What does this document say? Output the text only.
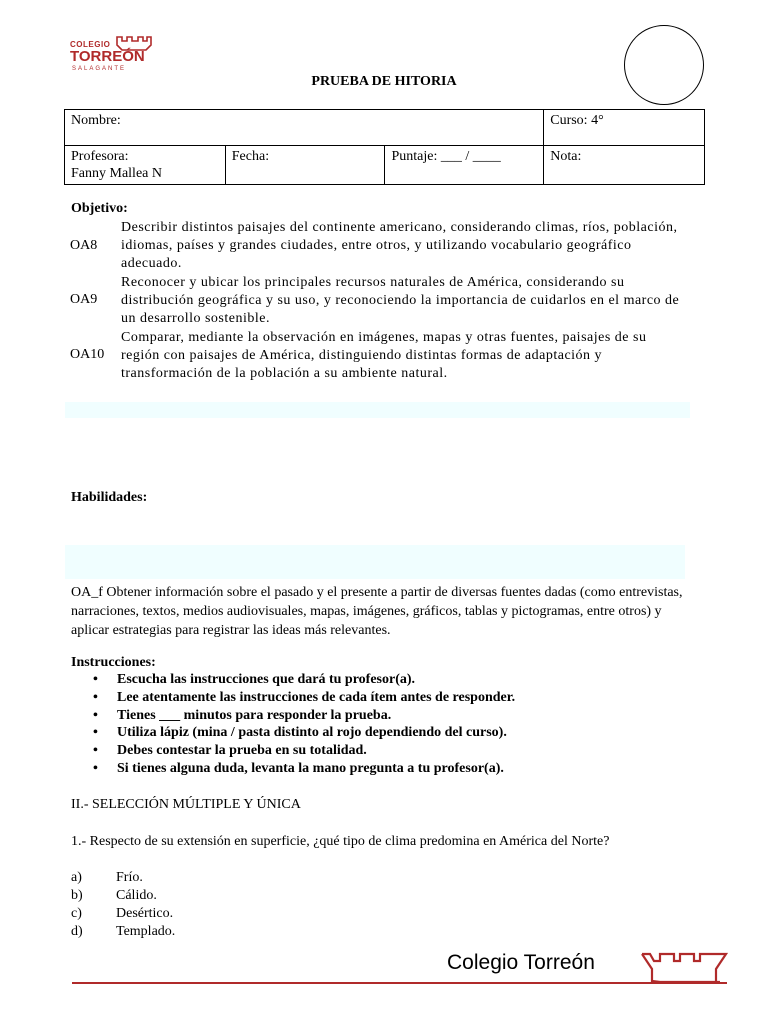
COLEGIO
TORREÓN
SALAGANTE
PRUEBA DE HITORIA
Nombre:			Curso: 4°

Profesora:
Fanny Mallea N	Fecha:	Puntaje: ___ / ____	Nota:
Objetivo:
OA8
Describir distintos paisajes del continente americano, considerando climas, ríos, población, idiomas, países y grandes ciudades, entre otros, y utilizando vocabulario geográfico adecuado.
OA9
Reconocer y ubicar los principales recursos naturales de América, considerando su distribución geográfica y su uso, y reconociendo la importancia de cuidarlos en el marco de un desarrollo sostenible.
OA10
Comparar, mediante la observación en imágenes, mapas y otras fuentes, paisajes de su región con paisajes de América, distinguiendo distintas formas de adaptación y transformación de la población a su ambiente natural.
Habilidades:
OA_f Obtener información sobre el pasado y el presente a partir de diversas fuentes dadas (como entrevistas, narraciones, textos, medios audiovisuales, mapas, imágenes, gráficos, tablas y pictogramas, entre otros) y aplicar estrategias para registrar las ideas más relevantes.
Instrucciones:
• Escucha las instrucciones que dará tu profesor(a).
• Lee atentamente las instrucciones de cada ítem antes de responder.
• Tienes ___ minutos para responder la prueba.
• Utiliza lápiz (mina / pasta distinto al rojo dependiendo del curso).
• Debes contestar la prueba en su totalidad.
• Si tienes alguna duda, levanta la mano pregunta a tu profesor(a).
II.- SELECCIÓN MÚLTIPLE Y ÚNICA
1.- Respecto de su extensión en superficie, ¿qué tipo de clima predomina en América del Norte?
a) Frío.
b) Cálido.
c) Desértico.
d) Templado.
Colegio Torreón
